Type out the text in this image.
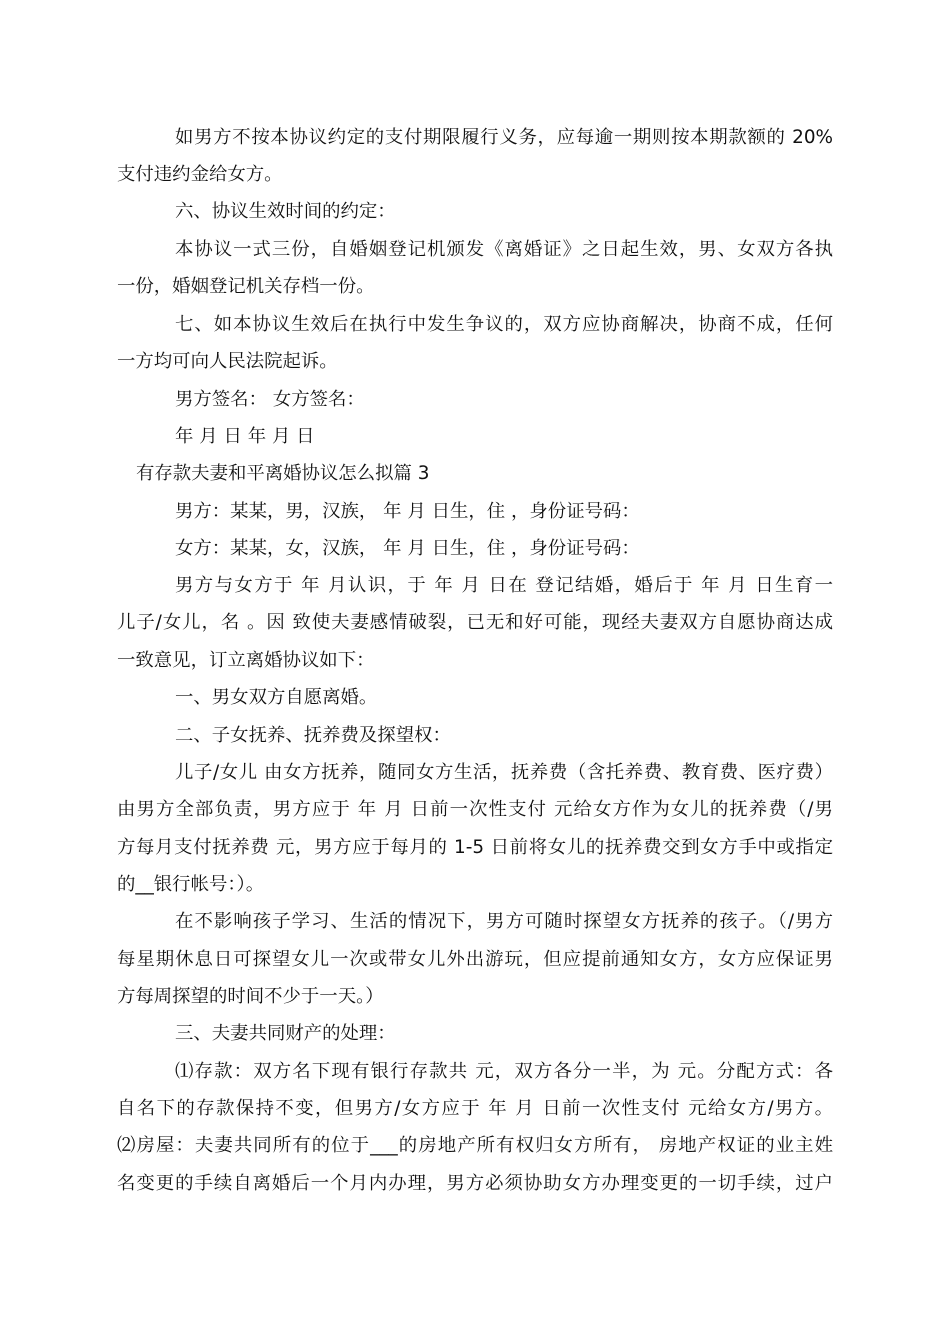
如男方不按本协议约定的支付期限履行义务，应每逾一期则按本期款额的 20%
支付违约金给女方。
六、协议生效时间的约定：
本协议一式三份，自婚姻登记机颁发《离婚证》之日起生效，男、女双方各执
一份，婚姻登记机关存档一份。
七、如本协议生效后在执行中发生争议的，双方应协商解决，协商不成，任何
一方均可向人民法院起诉。
男方签名： 女方签名：
年 月 日 年 月 日
有存款夫妻和平离婚协议怎么拟篇 3
男方：某某，男，汉族， 年 月 日生，住 ，身份证号码：
女方：某某，女，汉族， 年 月 日生，住 ，身份证号码：
男方与女方于 年 月认识，于 年 月 日在 登记结婚，婚后于 年 月 日生育一
儿子/女儿，名 。因 致使夫妻感情破裂，已无和好可能，现经夫妻双方自愿协商达成
一致意见，订立离婚协议如下：
一、男女双方自愿离婚。
二、子女抚养、抚养费及探望权：
儿子/女儿 由女方抚养，随同女方生活，抚养费（含托养费、教育费、医疗费）
由男方全部负责，男方应于 年 月 日前一次性支付 元给女方作为女儿的抚养费（/男
方每月支付抚养费 元，男方应于每月的 1-5 日前将女儿的抚养费交到女方手中或指定
的__银行帐号：）。
在不影响孩子学习、生活的情况下，男方可随时探望女方抚养的孩子。（/男方
每星期休息日可探望女儿一次或带女儿外出游玩，但应提前通知女方，女方应保证男
方每周探望的时间不少于一天。）
三、夫妻共同财产的处理：
⑴存款：双方名下现有银行存款共 元，双方各分一半，为 元。分配方式：各
自名下的存款保持不变，但男方/女方应于 年 月 日前一次性支付 元给女方/男方。
⑵房屋：夫妻共同所有的位于___的房地产所有权归女方所有， 房地产权证的业主姓
名变更的手续自离婚后一个月内办理，男方必须协助女方办理变更的一切手续，过户
